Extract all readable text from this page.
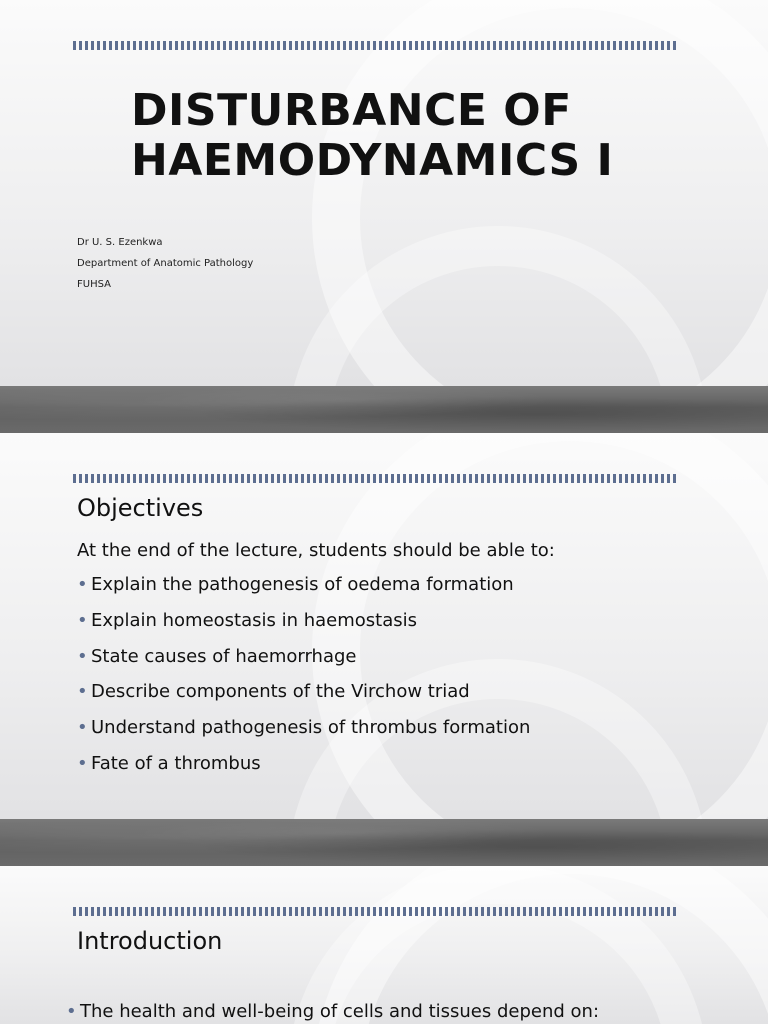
DISTURBANCE OF
HAEMODYNAMICS I
Dr U. S. Ezenkwa
Department of Anatomic Pathology
FUHSA
Objectives

At the end of the lecture, students should be able to:

• Explain the pathogenesis of oedema formation
• Explain homeostasis in haemostasis
• State causes of haemorrhage
• Describe components of the Virchow triad
• Understand pathogenesis of thrombus formation
• Fate of a thrombus
Introduction

• The health and well-being of cells and tissues depend on:
